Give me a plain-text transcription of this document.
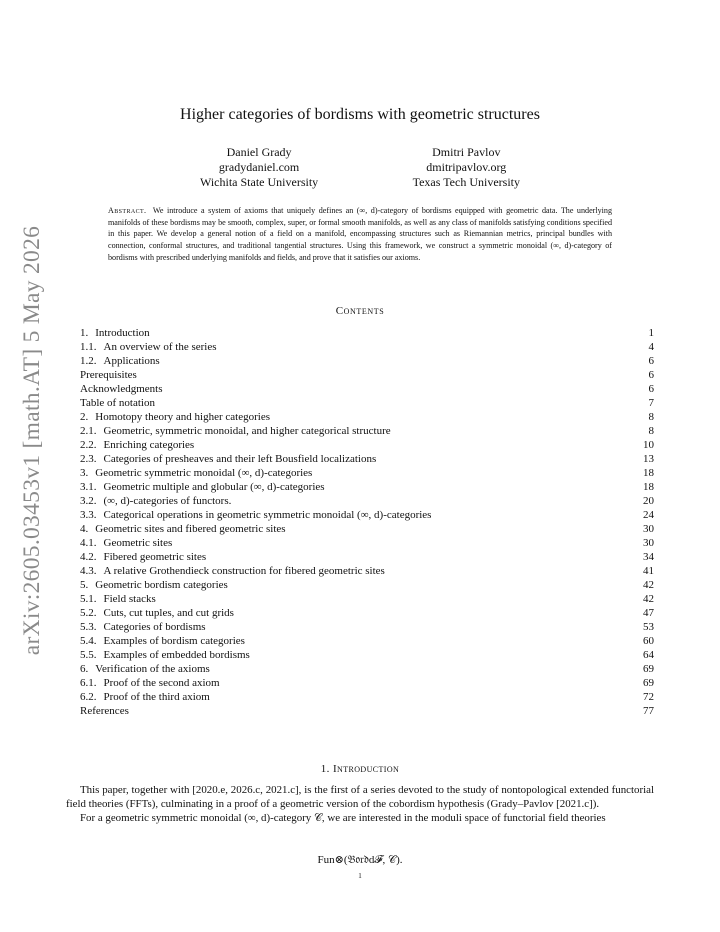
arXiv:2605.03453v1 [math.AT] 5 May 2026
Higher categories of bordisms with geometric structures
Daniel Grady
gradydaniel.com
Wichita State University
Dmitri Pavlov
dmitripavlov.org
Texas Tech University
Abstract. We introduce a system of axioms that uniquely defines an (∞, d)-category of bordisms equipped with geometric data. The underlying manifolds of these bordisms may be smooth, complex, super, or formal smooth manifolds, as well as any class of manifolds satisfying conditions specified in this paper. We develop a general notion of a field on a manifold, encompassing structures such as Riemannian metrics, principal bundles with connection, conformal structures, and traditional tangential structures. Using this framework, we construct a symmetric monoidal (∞, d)-category of bordisms with prescribed underlying manifolds and fields, and prove that it satisfies our axioms.
Contents
1. Introduction	1
1.1. An overview of the series	4
1.2. Applications	6
Prerequisites	6
Acknowledgments	6
Table of notation	7
2. Homotopy theory and higher categories	8
2.1. Geometric, symmetric monoidal, and higher categorical structure	8
2.2. Enriching categories	10
2.3. Categories of presheaves and their left Bousfield localizations	13
3. Geometric symmetric monoidal (∞, d)-categories	18
3.1. Geometric multiple and globular (∞, d)-categories	18
3.2. (∞, d)-categories of functors.	20
3.3. Categorical operations in geometric symmetric monoidal (∞, d)-categories	24
4. Geometric sites and fibered geometric sites	30
4.1. Geometric sites	30
4.2. Fibered geometric sites	34
4.3. A relative Grothendieck construction for fibered geometric sites	41
5. Geometric bordism categories	42
5.1. Field stacks	42
5.2. Cuts, cut tuples, and cut grids	47
5.3. Categories of bordisms	53
5.4. Examples of bordism categories	60
5.5. Examples of embedded bordisms	64
6. Verification of the axioms	69
6.1. Proof of the second axiom	69
6.2. Proof of the third axiom	72
References	77
1. Introduction

This paper, together with [2020.e, 2026.c, 2021.c], is the first of a series devoted to the study of nontopological extended functorial field theories (FFTs), culminating in a proof of a geometric version of the cobordism hypothesis (Grady–Pavlov [2021.c]).

For a geometric symmetric monoidal (∞, d)-category 𝒞, we are interested in the moduli space of functorial field theories

Fun⊗(𝔅𝔬𝔯𝔡d𝓕, 𝒞).
1
